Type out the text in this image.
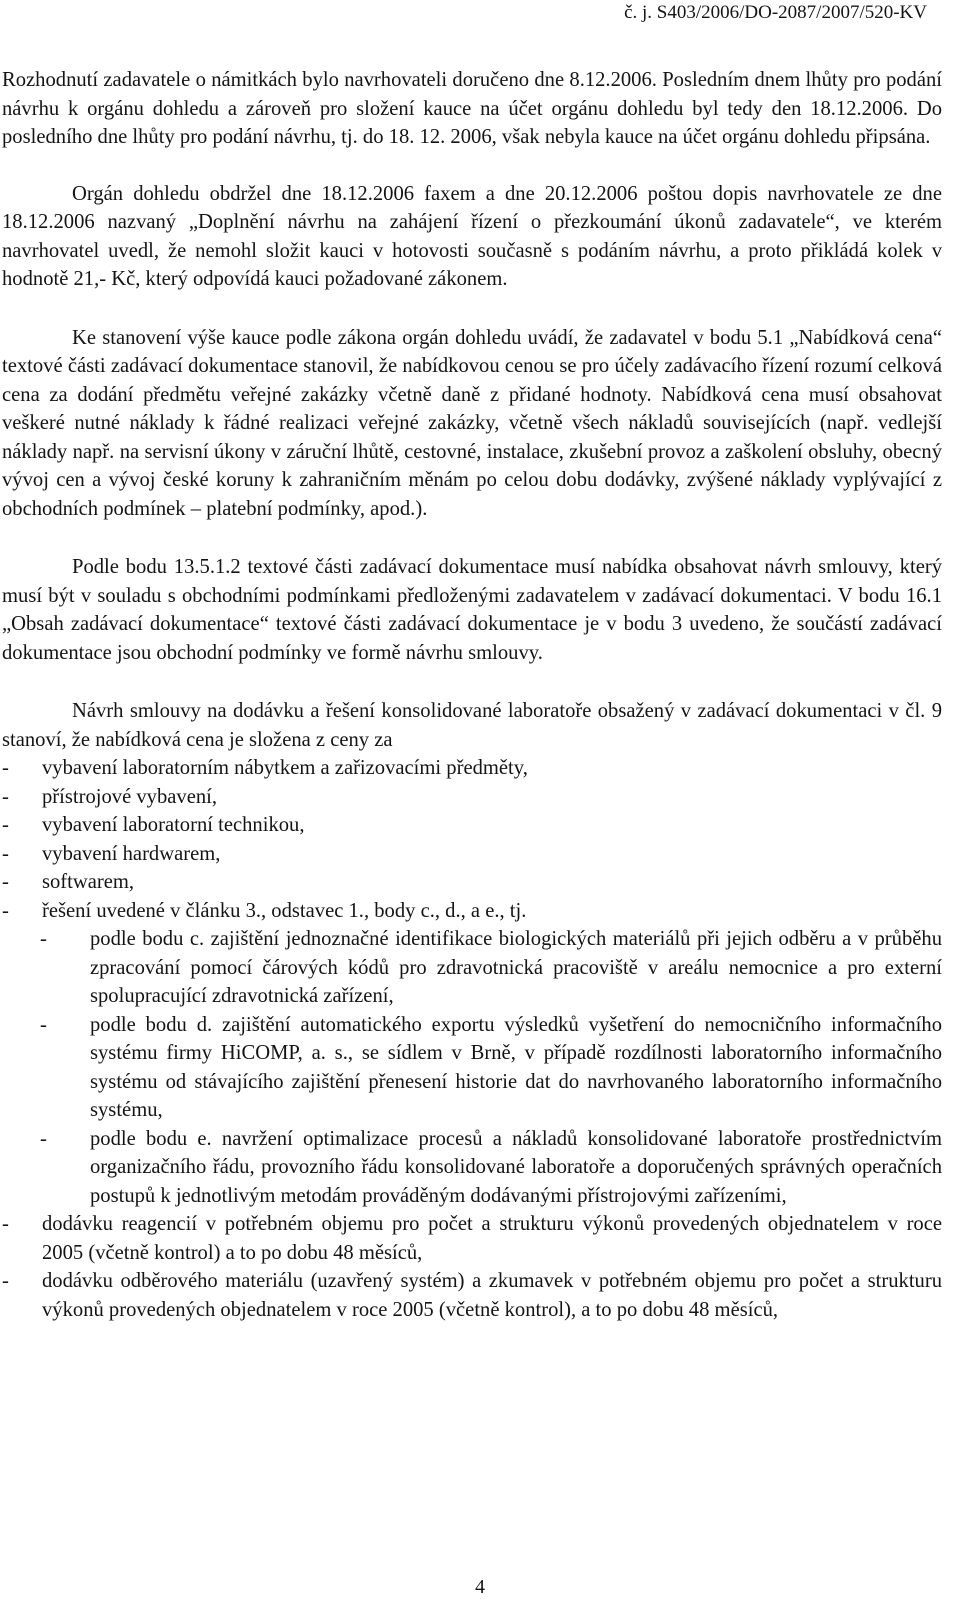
č. j. S403/2006/DO-2087/2007/520-KV

Rozhodnutí zadavatele o námitkách bylo navrhovateli doručeno dne 8.12.2006. Posledním dnem lhůty pro podání návrhu k orgánu dohledu a zároveň pro složení kauce na účet orgánu dohledu byl tedy den 18.12.2006. Do posledního dne lhůty pro podání návrhu, tj. do 18. 12. 2006, však nebyla kauce na účet orgánu dohledu připsána.

Orgán dohledu obdržel dne 18.12.2006 faxem a dne 20.12.2006 poštou dopis navrhovatele ze dne 18.12.2006 nazvaný „Doplnění návrhu na zahájení řízení o přezkoumání úkonů zadavatele“, ve kterém navrhovatel uvedl, že nemohl složit kauci v hotovosti současně s podáním návrhu, a proto přikládá kolek v hodnotě 21,- Kč, který odpovídá kauci požadované zákonem.

Ke stanovení výše kauce podle zákona orgán dohledu uvádí, že zadavatel v bodu 5.1 „Nabídková cena“ textové části zadávací dokumentace stanovil, že nabídkovou cenou se pro účely zadávacího řízení rozumí celková cena za dodání předmětu veřejné zakázky včetně daně z přidané hodnoty. Nabídková cena musí obsahovat veškeré nutné náklady k řádné realizaci veřejné zakázky, včetně všech nákladů souvisejících (např. vedlejší náklady např. na servisní úkony v záruční lhůtě, cestovné, instalace, zkušební provoz a zaškolení obsluhy, obecný vývoj cen a vývoj české koruny k zahraničním měnám po celou dobu dodávky, zvýšené náklady vyplývající z obchodních podmínek – platební podmínky, apod.).

Podle bodu 13.5.1.2 textové části zadávací dokumentace musí nabídka obsahovat návrh smlouvy, který musí být v souladu s obchodními podmínkami předloženými zadavatelem v zadávací dokumentaci. V bodu 16.1 „Obsah zadávací dokumentace“ textové části zadávací dokumentace je v bodu 3 uvedeno, že součástí zadávací dokumentace jsou obchodní podmínky ve formě návrhu smlouvy.

Návrh smlouvy na dodávku a řešení konsolidované laboratoře obsažený v zadávací dokumentaci v čl. 9 stanoví, že nabídková cena je složena z ceny za

- vybavení laboratorním nábytkem a zařizovacími předměty,
- přístrojové vybavení,
- vybavení laboratorní technikou,
- vybavení hardwarem,
- softwarem,
- řešení uvedené v článku 3., odstavec 1., body c., d., a e., tj.
- podle bodu c. zajištění jednoznačné identifikace biologických materiálů při jejich odběru a v průběhu zpracování pomocí čárových kódů pro zdravotnická pracoviště v areálu nemocnice a pro externí spolupracující zdravotnická zařízení,
- podle bodu d. zajištění automatického exportu výsledků vyšetření do nemocničního informačního systému firmy HiCOMP, a. s., se sídlem v Brně, v případě rozdílnosti laboratorního informačního systému od stávajícího zajištění přenesení historie dat do navrhovaného laboratorního informačního systému,
- podle bodu e. navržení optimalizace procesů a nákladů konsolidované laboratoře prostřednictvím organizačního řádu, provozního řádu konsolidované laboratoře a doporučených správných operačních postupů k jednotlivým metodám prováděným dodávanými přístrojovými zařízeními,
- dodávku reagencií v potřebném objemu pro počet a strukturu výkonů provedených objednatelem v roce 2005 (včetně kontrol) a to po dobu 48 měsíců,
- dodávku odběrového materiálu (uzavřený systém) a zkumavek v potřebném objemu pro počet a strukturu výkonů provedených objednatelem v roce 2005 (včetně kontrol), a to po dobu 48 měsíců,
4
